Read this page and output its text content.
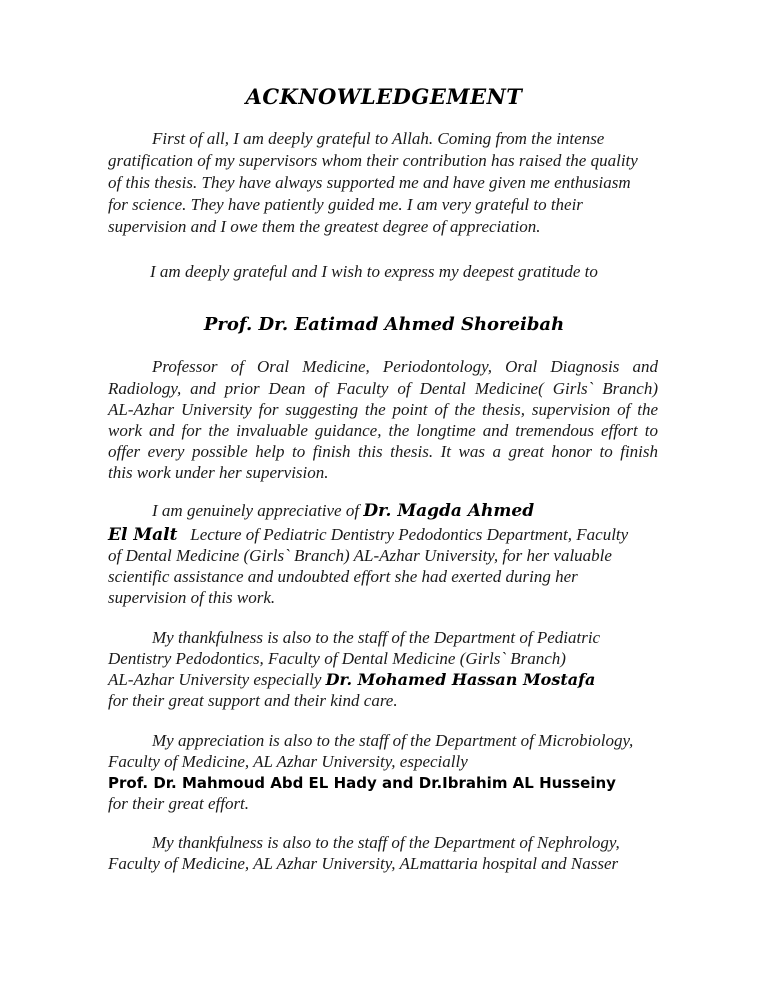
ACKNOWLEDGEMENT
First of all, I am deeply grateful to Allah. Coming from the intense
gratification of my supervisors whom their contribution has raised the quality
of this thesis. They have always supported me and have given me enthusiasm
for science. They have patiently guided me. I am very grateful to their
supervision and I owe them the greatest degree of appreciation.
I am deeply grateful and I wish to express my deepest gratitude to
Prof. Dr. Eatimad Ahmed Shoreibah
Professor of Oral Medicine, Periodontology, Oral Diagnosis and
Radiology, and prior Dean of Faculty of Dental Medicine( Girls` Branch)
AL-Azhar University for suggesting the point of the thesis, supervision of the
work and for the invaluable guidance, the longtime and tremendous effort to
offer every possible help to finish this thesis. It was a great honor to finish
this work under her supervision.
I am genuinely appreciative of Dr. Magda Ahmed
El Malt Lecture of Pediatric Dentistry Pedodontics Department, Faculty
of Dental Medicine (Girls` Branch) AL-Azhar University, for her valuable
scientific assistance and undoubted effort she had exerted during her
supervision of this work.
My thankfulness is also to the staff of the Department of Pediatric
Dentistry Pedodontics, Faculty of Dental Medicine (Girls` Branch)
AL-Azhar University especially Dr. Mohamed Hassan Mostafa
for their great support and their kind care.
My appreciation is also to the staff of the Department of Microbiology,
Faculty of Medicine, AL Azhar University, especially
Prof. Dr. Mahmoud Abd EL Hady and Dr.Ibrahim AL Husseiny
for their great effort.
My thankfulness is also to the staff of the Department of Nephrology,
Faculty of Medicine, AL Azhar University, ALmattaria hospital and Nasser
